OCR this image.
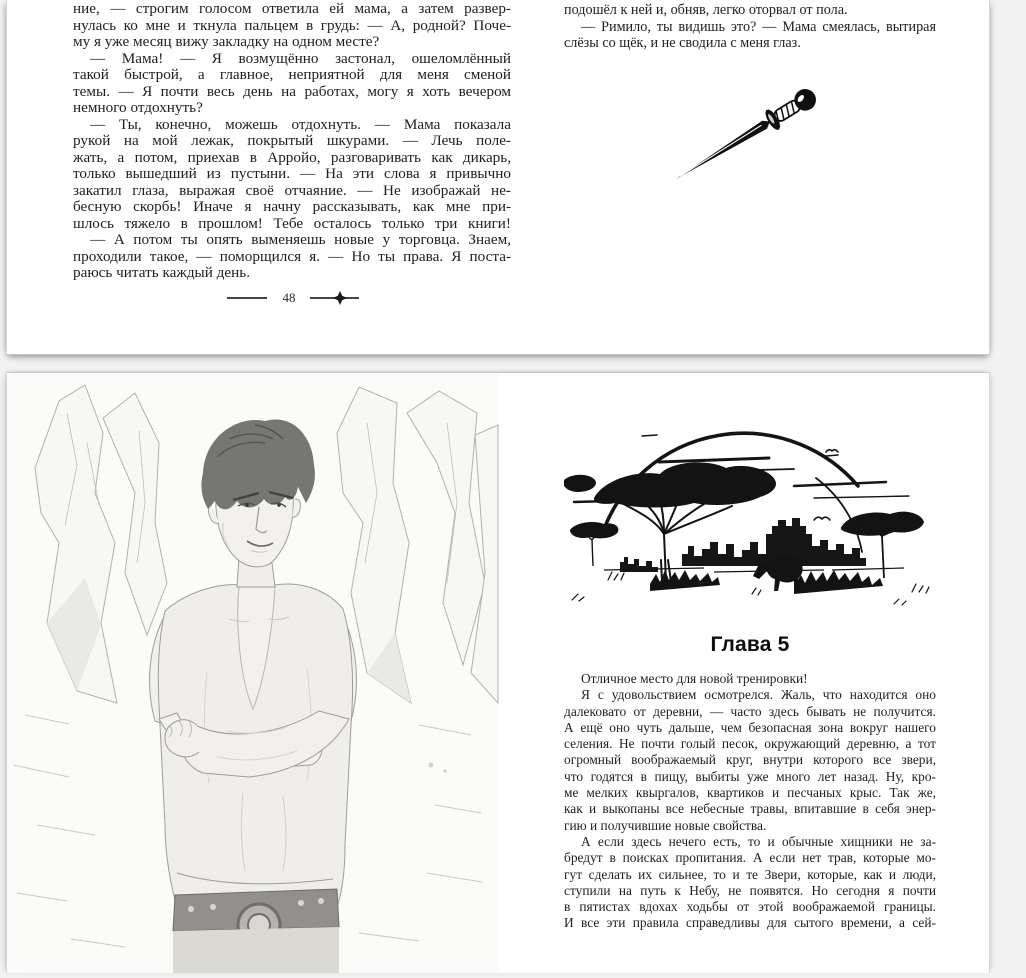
ние, — строгим голосом ответила ей мама, а затем развер-
нулась ко мне и ткнула пальцем в грудь: — А, родной? Поче-
му я уже месяц вижу закладку на одном месте?
— Мама! — Я возмущённо застонал, ошеломлённый
такой быстрой, а главное, неприятной для меня сменой
темы. — Я почти весь день на работах, могу я хоть вечером
немного отдохнуть?
— Ты, конечно, можешь отдохнуть. — Мама показала
рукой на мой лежак, покрытый шкурами. — Лечь поле-
жать, а потом, приехав в Арройо, разговаривать как дикарь,
только вышедший из пустыни. — На эти слова я привычно
закатил глаза, выражая своё отчаяние. — Не изображай не-
бесную скорбь! Иначе я начну рассказывать, как мне при-
шлось тяжело в прошлом! Тебе осталось только три книги!
— А потом ты опять выменяешь новые у торговца. Знаем,
проходили такое, — поморщился я. — Но ты права. Я поста-
раюсь читать каждый день.
48
подошёл к ней и, обняв, легко оторвал от пола.
— Римило, ты видишь это? — Мама смеялась, вытирая
слёзы со щёк, и не сводила с меня глаз.
Глава 5
Отличное место для новой тренировки!
Я с удовольствием осмотрелся. Жаль, что находится оно
далековато от деревни, — часто здесь бывать не получится.
А ещё оно чуть дальше, чем безопасная зона вокруг нашего
селения. Не почти голый песок, окружающий деревню, а тот
огромный воображаемый круг, внутри которого все звери,
что годятся в пищу, выбиты уже много лет назад. Ну, кро-
ме мелких квыргалов, квартиков и песчаных крыс. Так же,
как и выкопаны все небесные травы, впитавшие в себя энер-
гию и получившие новые свойства.
А если здесь нечего есть, то и обычные хищники не за-
бредут в поисках пропитания. А если нет трав, которые мо-
гут сделать их сильнее, то и те Звери, которые, как и люди,
ступили на путь к Небу, не появятся. Но сегодня я почти
в пятистах вдохах ходьбы от этой воображаемой границы.
И все эти правила справедливы для сытого времени, а сей-
